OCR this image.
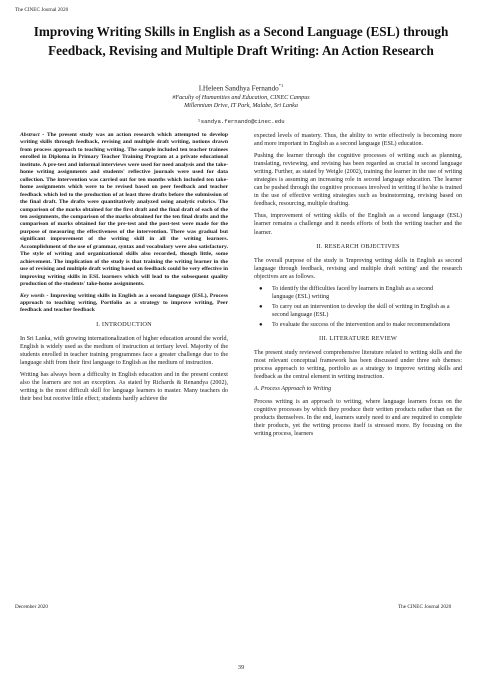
The CINEC Journal 2020
Improving Writing Skills in English as a Second Language (ESL) through Feedback, Revising and Multiple Draft Writing: An Action Research
I.Heleen Sandhya Fernando$^{*1}$
#Faculty of Humanities and Education, CINEC Campus
Millennium Drive, IT Park, Malabe, Sri Lanka
¹sandya.fernando@cinec.edu
Abstract - The present study was an action research which attempted to develop writing skills through feedback, revising and multiple draft writing, notions drawn from process approach to teaching writing. The sample included ten teacher trainees enrolled in Diploma in Primary Teacher Training Program at a private educational institute. A pre-test and informal interviews were used for need analysis and the take-home writing assignments and students' reflective journals were used for data collection. The intervention was carried out for ten months which included ten take-home assignments which were to be revised based on peer feedback and teacher feedback which led to the production of at least three drafts before the submission of the final draft. The drafts were quantitatively analyzed using analytic rubrics. The comparison of the marks obtained for the first draft and the final draft of each of the ten assignments, the comparison of the marks obtained for the ten final drafts and the comparison of marks obtained for the pre-test and the post-test were made for the purpose of measuring the effectiveness of the intervention. There was gradual but significant improvement of the writing skill in all the writing learners. Accomplishment of the use of grammar, syntax and vocabulary were also satisfactory. The style of writing and organizational skills also recorded, though little, some achievement. The implication of the study is that training the writing learner in the use of revising and multiple draft writing based on feedback could be very effective in improving writing skills in ESL learners which will lead to the subsequent quality production of the students' take-home assignments.
Key words - Improving writing skills in English as a second language (ESL), Process approach to teaching writing, Portfolio as a strategy to improve writing, Peer feedback and teacher feedback
I. INTRODUCTION
In Sri Lanka, with growing internationalization of higher education around the world, English is widely used as the medium of instruction at tertiary level. Majority of the students enrolled in teacher training programmes face a greater challenge due to the language shift from their first language to English as the medium of instruction.
Writing has always been a difficulty in English education and in the present context also the learners are not an exception. As stated by Richards & Renandya (2002), writing is the most difficult skill for language learners to master. Many teachers do their best but receive little effect; students hardly achieve the
expected levels of mastery. Thus, the ability to write effectively is becoming more and more important in English as a second language (ESL) education.
Pushing the learner through the cognitive processes of writing such as planning, translating, reviewing, and revising has been regarded as crucial in second language writing. Further, as stated by Weigle (2002), training the learner in the use of writing strategies is assuming an increasing role in second language education. The learner can be pushed through the cognitive processes involved in writing if he/she is trained in the use of effective writing strategies such as brainstorming, revising based on feedback, resourcing, multiple drafting.
Thus, improvement of writing skills of the English as a second language (ESL) learner remains a challenge and it needs efforts of both the writing teacher and the learner.
II. RESEARCH OBJECTIVES
The overall purpose of the study is 'Improving writing skills in English as second language through feedback, revising and multiple draft writing' and the research objectives are as follows.
● To identify the difficulties faced by learners in English as a second language (ESL) writing
● To carry out an intervention to develop the skill of writing in English as a second language (ESL)
● To evaluate the success of the intervention and to make recommendations
III. LITERATURE REVIEW
The present study reviewed comprehensive literature related to writing skills and the most relevant conceptual framework has been discussed under three sub themes: process approach to writing, portfolio as a strategy to improve writing skills and feedback as the central element in writing instruction.
A. Process Approach to Writing
Process writing is an approach to writing, where language learners focus on the cognitive processes by which they produce their written products rather than on the products themselves. In the end, learners surely need to and are required to complete their products, yet the writing process itself is stressed more. By focusing on the writing process, learners
December 2020	The CINEC Journal 2020
39
